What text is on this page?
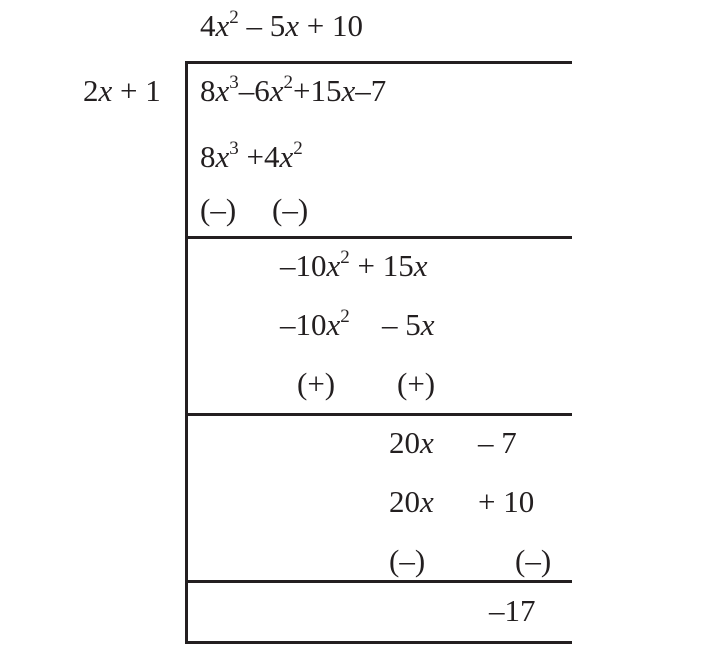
$4x^2 - 5x + 10$
2x + 1 $8x^3-6x^2+15x-7$
$8x^3 +4x^2$
(–) (–)
$-10x^2 + 15x$
$-10x^2 - 5x$
(+) (+)
20x – 7
20x + 10
(–)	(–)
–17
